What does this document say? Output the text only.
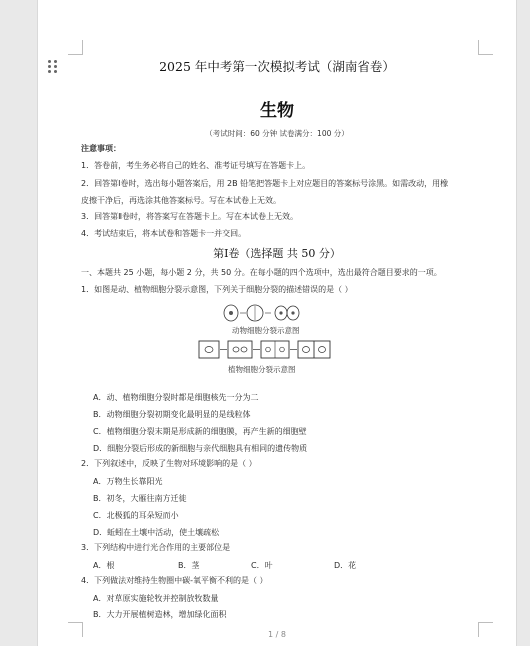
2025 年中考第一次模拟考试（湖南省卷）
生物
（考试时间：60 分钟 试卷满分：100 分）
注意事项：
1．答卷前，考生务必将自己的姓名、准考证号填写在答题卡上。
2．回答第Ⅰ卷时，选出每小题答案后，用 2B 铅笔把答题卡上对应题目的答案标号涂黑。如需改动，用橡
皮擦干净后，再选涂其他答案标号。写在本试卷上无效。
3．回答第Ⅱ卷时，将答案写在答题卡上。写在本试卷上无效。
4．考试结束后，将本试卷和答题卡一并交回。
第Ⅰ卷（选择题 共 50 分）
一、本题共 25 小题，每小题 2 分，共 50 分。在每小题的四个选项中，选出最符合题目要求的一项。
1．如图是动、植物细胞分裂示意图，下列关于细胞分裂的描述错误的是（ ）
动物细胞分裂示意图
植物细胞分裂示意图
A．动、植物细胞分裂时都是细胞核先一分为二
B．动物细胞分裂初期变化最明显的是线粒体
C．植物细胞分裂末期是形成新的细胞膜，再产生新的细胞壁
D．细胞分裂后形成的新细胞与亲代细胞具有相同的遗传物质
2．下列叙述中，反映了生物对环境影响的是（ ）
A．万物生长靠阳光
B．初冬，大雁往南方迁徙
C．北极狐的耳朵短而小
D．蚯蚓在土壤中活动，使土壤疏松
3．下列结构中进行光合作用的主要部位是
A．根	B．茎	C．叶	D．花
4．下列做法对维持生物圈中碳-氧平衡不利的是（ ）
A．对草原实施轮牧并控制放牧数量
B．大力开展植树造林，增加绿化面积
1 / 8
